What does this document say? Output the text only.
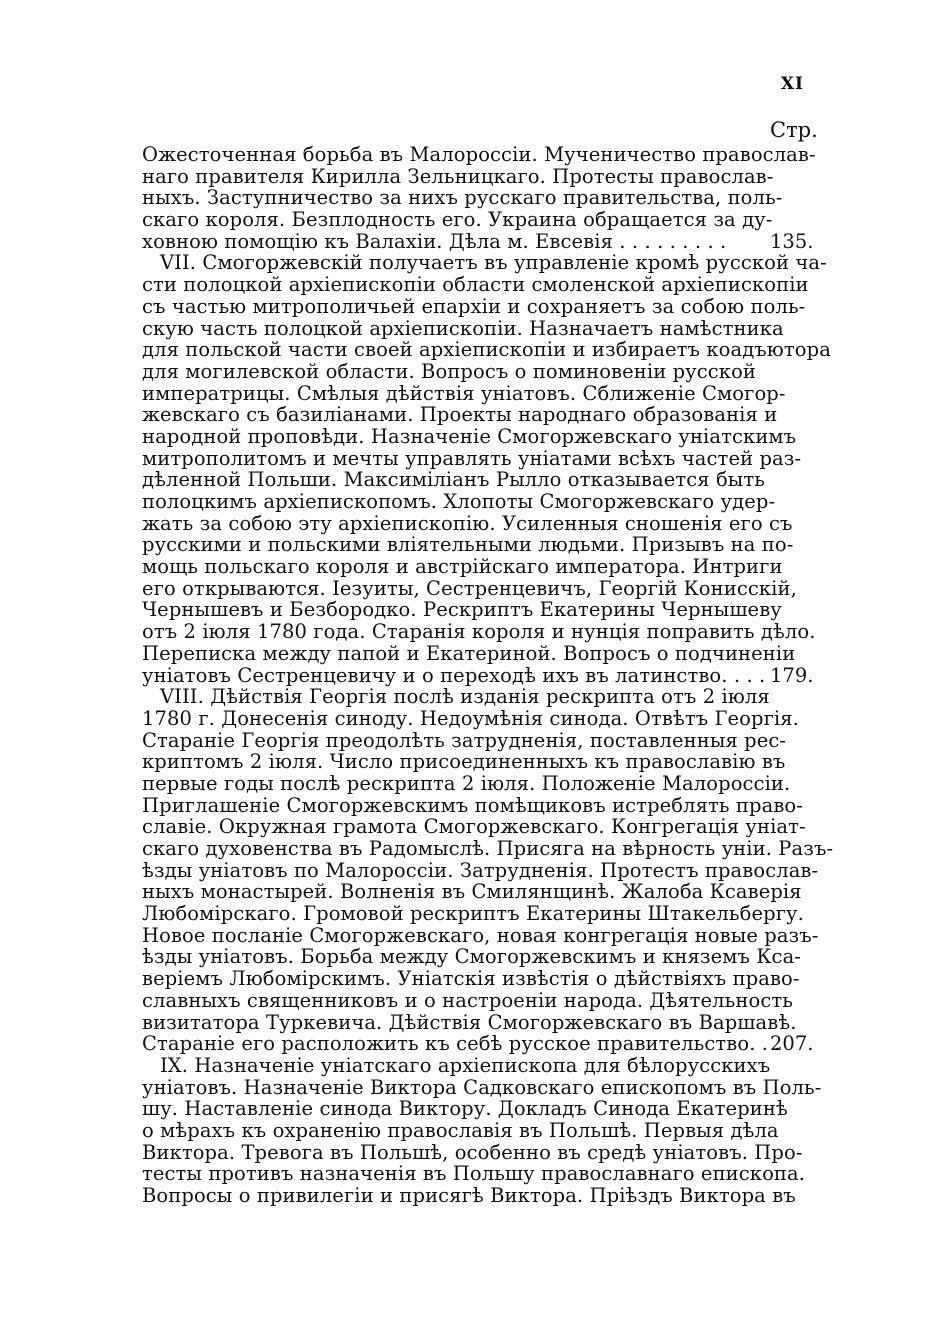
XI
Стр.
Ожесточенная борьба въ Малороссіи. Мученичество православ-
наго правителя Кирилла Зельницкаго. Протесты православ-
ныхъ. Заступничество за нихъ русскаго правительства, поль-
скаго короля. Безплодность его. Украина обращается за ду-
ховною помощію къ Валахіи. Дѣла м. Евсевія . . . . . . . . .	135.
VII. Смогоржевскій получаетъ въ управленіе кромѣ русской ча-
сти полоцкой архіепископіи области смоленской архіепископіи
съ частью митрополичьей епархіи и сохраняетъ за собою поль-
скую часть полоцкой архіепископіи. Назначаетъ намѣстника
для польской части своей архіепископіи и избираетъ коадъютора
для могилевской области. Вопросъ о поминовеніи русской
императрицы. Смѣлыя дѣйствія уніатовъ. Сближеніе Смогор-
жевскаго съ базиліанами. Проекты народнаго образованія и
народной проповѣди. Назначеніе Смогоржевскаго уніатскимъ
митрополитомъ и мечты управлять уніатами всѣхъ частей раз-
дѣленной Польши. Максиміліанъ Рылло отказывается быть
полоцкимъ архіепископомъ. Хлопоты Смогоржевскаго удер-
жать за собою эту архіепископію. Усиленныя сношенія его съ
русскими и польскими вліятельными людьми. Призывъ на по-
мощь польскаго короля и австрійскаго императора. Интриги
его открываются. Іезуиты, Сестренцевичъ, Георгій Конисскій,
Чернышевъ и Безбородко. Рескриптъ Екатерины Чернышеву
отъ 2 іюля 1780 года. Старанія короля и нунція поправить дѣло.
Переписка между папой и Екатериной. Вопросъ о подчиненіи
уніатовъ Сестренцевичу и о переходѣ ихъ въ латинство. . . . 179.
VIII. Дѣйствія Георгія послѣ изданія рескрипта отъ 2 іюля
1780 г. Донесенія синоду. Недоумѣнія синода. Отвѣтъ Георгія.
Стараніе Георгія преодолѣть затрудненія, поставленныя рес-
криптомъ 2 іюля. Число присоединенныхъ къ православію въ
первые годы послѣ рескрипта 2 іюля. Положеніе Малороссіи.
Приглашеніе Смогоржевскимъ помѣщиковъ истреблять право-
славіе. Окружная грамота Смогоржевскаго. Конгрегація уніат-
скаго духовенства въ Радомыслѣ. Присяга на вѣрность уніи. Разъ-
ѣзды уніатовъ по Малороссіи. Затрудненія. Протестъ православ-
ныхъ монастырей. Волненія въ Смилянщинѣ. Жалоба Ксаверія
Любомірскаго. Громовой рескриптъ Екатерины Штакельбергу.
Новое посланіе Смогоржевскаго, новая конгрегація новые разъ-
ѣзды уніатовъ. Борьба между Смогоржевскимъ и княземъ Кса-
веріемъ Любомірскимъ. Уніатскія извѣстія о дѣйствіяхъ право-
славныхъ священниковъ и о настроеніи народа. Дѣятельность
визитатора Туркевича. Дѣйствія Смогоржевскаго въ Варшавѣ.
Стараніе его расположить къ себѣ русское правительство. . .
207.
IX. Назначеніе уніатскаго архіепископа для бѣлорусскихъ
уніатовъ. Назначеніе Виктора Садковскаго епископомъ въ Поль-
шу. Наставленіе синода Виктору. Докладъ Синода Екатеринѣ
о мѣрахъ къ охраненію православія въ Польшѣ. Первыя дѣла
Виктора. Тревога въ Польшѣ, особенно въ средѣ уніатовъ. Про-
тесты противъ назначенія въ Польшу православнаго епископа.
Вопросы о привилегіи и присягѣ Виктора. Пріѣздъ Виктора въ
